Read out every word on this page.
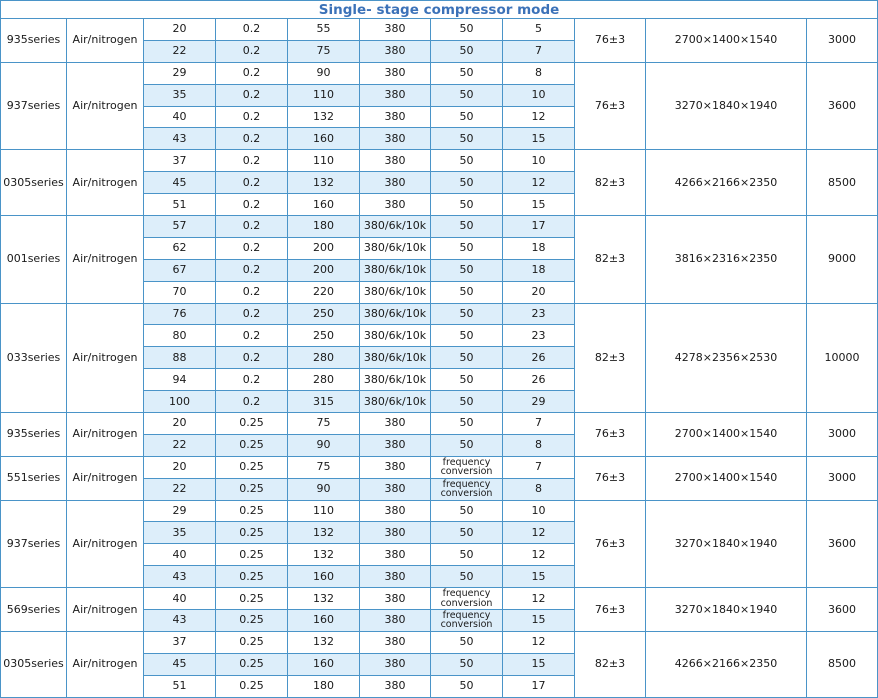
Single- stage compressor mode										
935series	Air/nitrogen	20	0.2	55	380	50	5	76±3	2700×1400×1540	3000
		22	0.2	75	380	50	7			
937series	Air/nitrogen	29	0.2	90	380	50	8	76±3	3270×1840×1940	3600
		35	0.2	110	380	50	10			
		40	0.2	132	380	50	12			
		43	0.2	160	380	50	15			
0305series	Air/nitrogen	37	0.2	110	380	50	10	82±3	4266×2166×2350	8500
		45	0.2	132	380	50	12			
		51	0.2	160	380	50	15			
001series	Air/nitrogen	57	0.2	180	380/6k/10k	50	17	82±3	3816×2316×2350	9000
		62	0.2	200	380/6k/10k	50	18			
		67	0.2	200	380/6k/10k	50	18			
		70	0.2	220	380/6k/10k	50	20			
033series	Air/nitrogen	76	0.2	250	380/6k/10k	50	23	82±3	4278×2356×2530	10000
		80	0.2	250	380/6k/10k	50	23			
		88	0.2	280	380/6k/10k	50	26			
		94	0.2	280	380/6k/10k	50	26			
		100	0.2	315	380/6k/10k	50	29			
935series	Air/nitrogen	20	0.25	75	380	50	7	76±3	2700×1400×1540	3000
		22	0.25	90	380	50	8			
551series	Air/nitrogen	20	0.25	75	380	frequency conversion	7	76±3	2700×1400×1540	3000
		22	0.25	90	380	frequency conversion	8			
937series	Air/nitrogen	29	0.25	110	380	50	10	76±3	3270×1840×1940	3600
		35	0.25	132	380	50	12			
		40	0.25	132	380	50	12			
		43	0.25	160	380	50	15			
569series	Air/nitrogen	40	0.25	132	380	frequency conversion	12	76±3	3270×1840×1940	3600
		43	0.25	160	380	frequency conversion	15			
0305series	Air/nitrogen	37	0.25	132	380	50	12	82±3	4266×2166×2350	8500
		45	0.25	160	380	50	15			
		51	0.25	180	380	50	17			
